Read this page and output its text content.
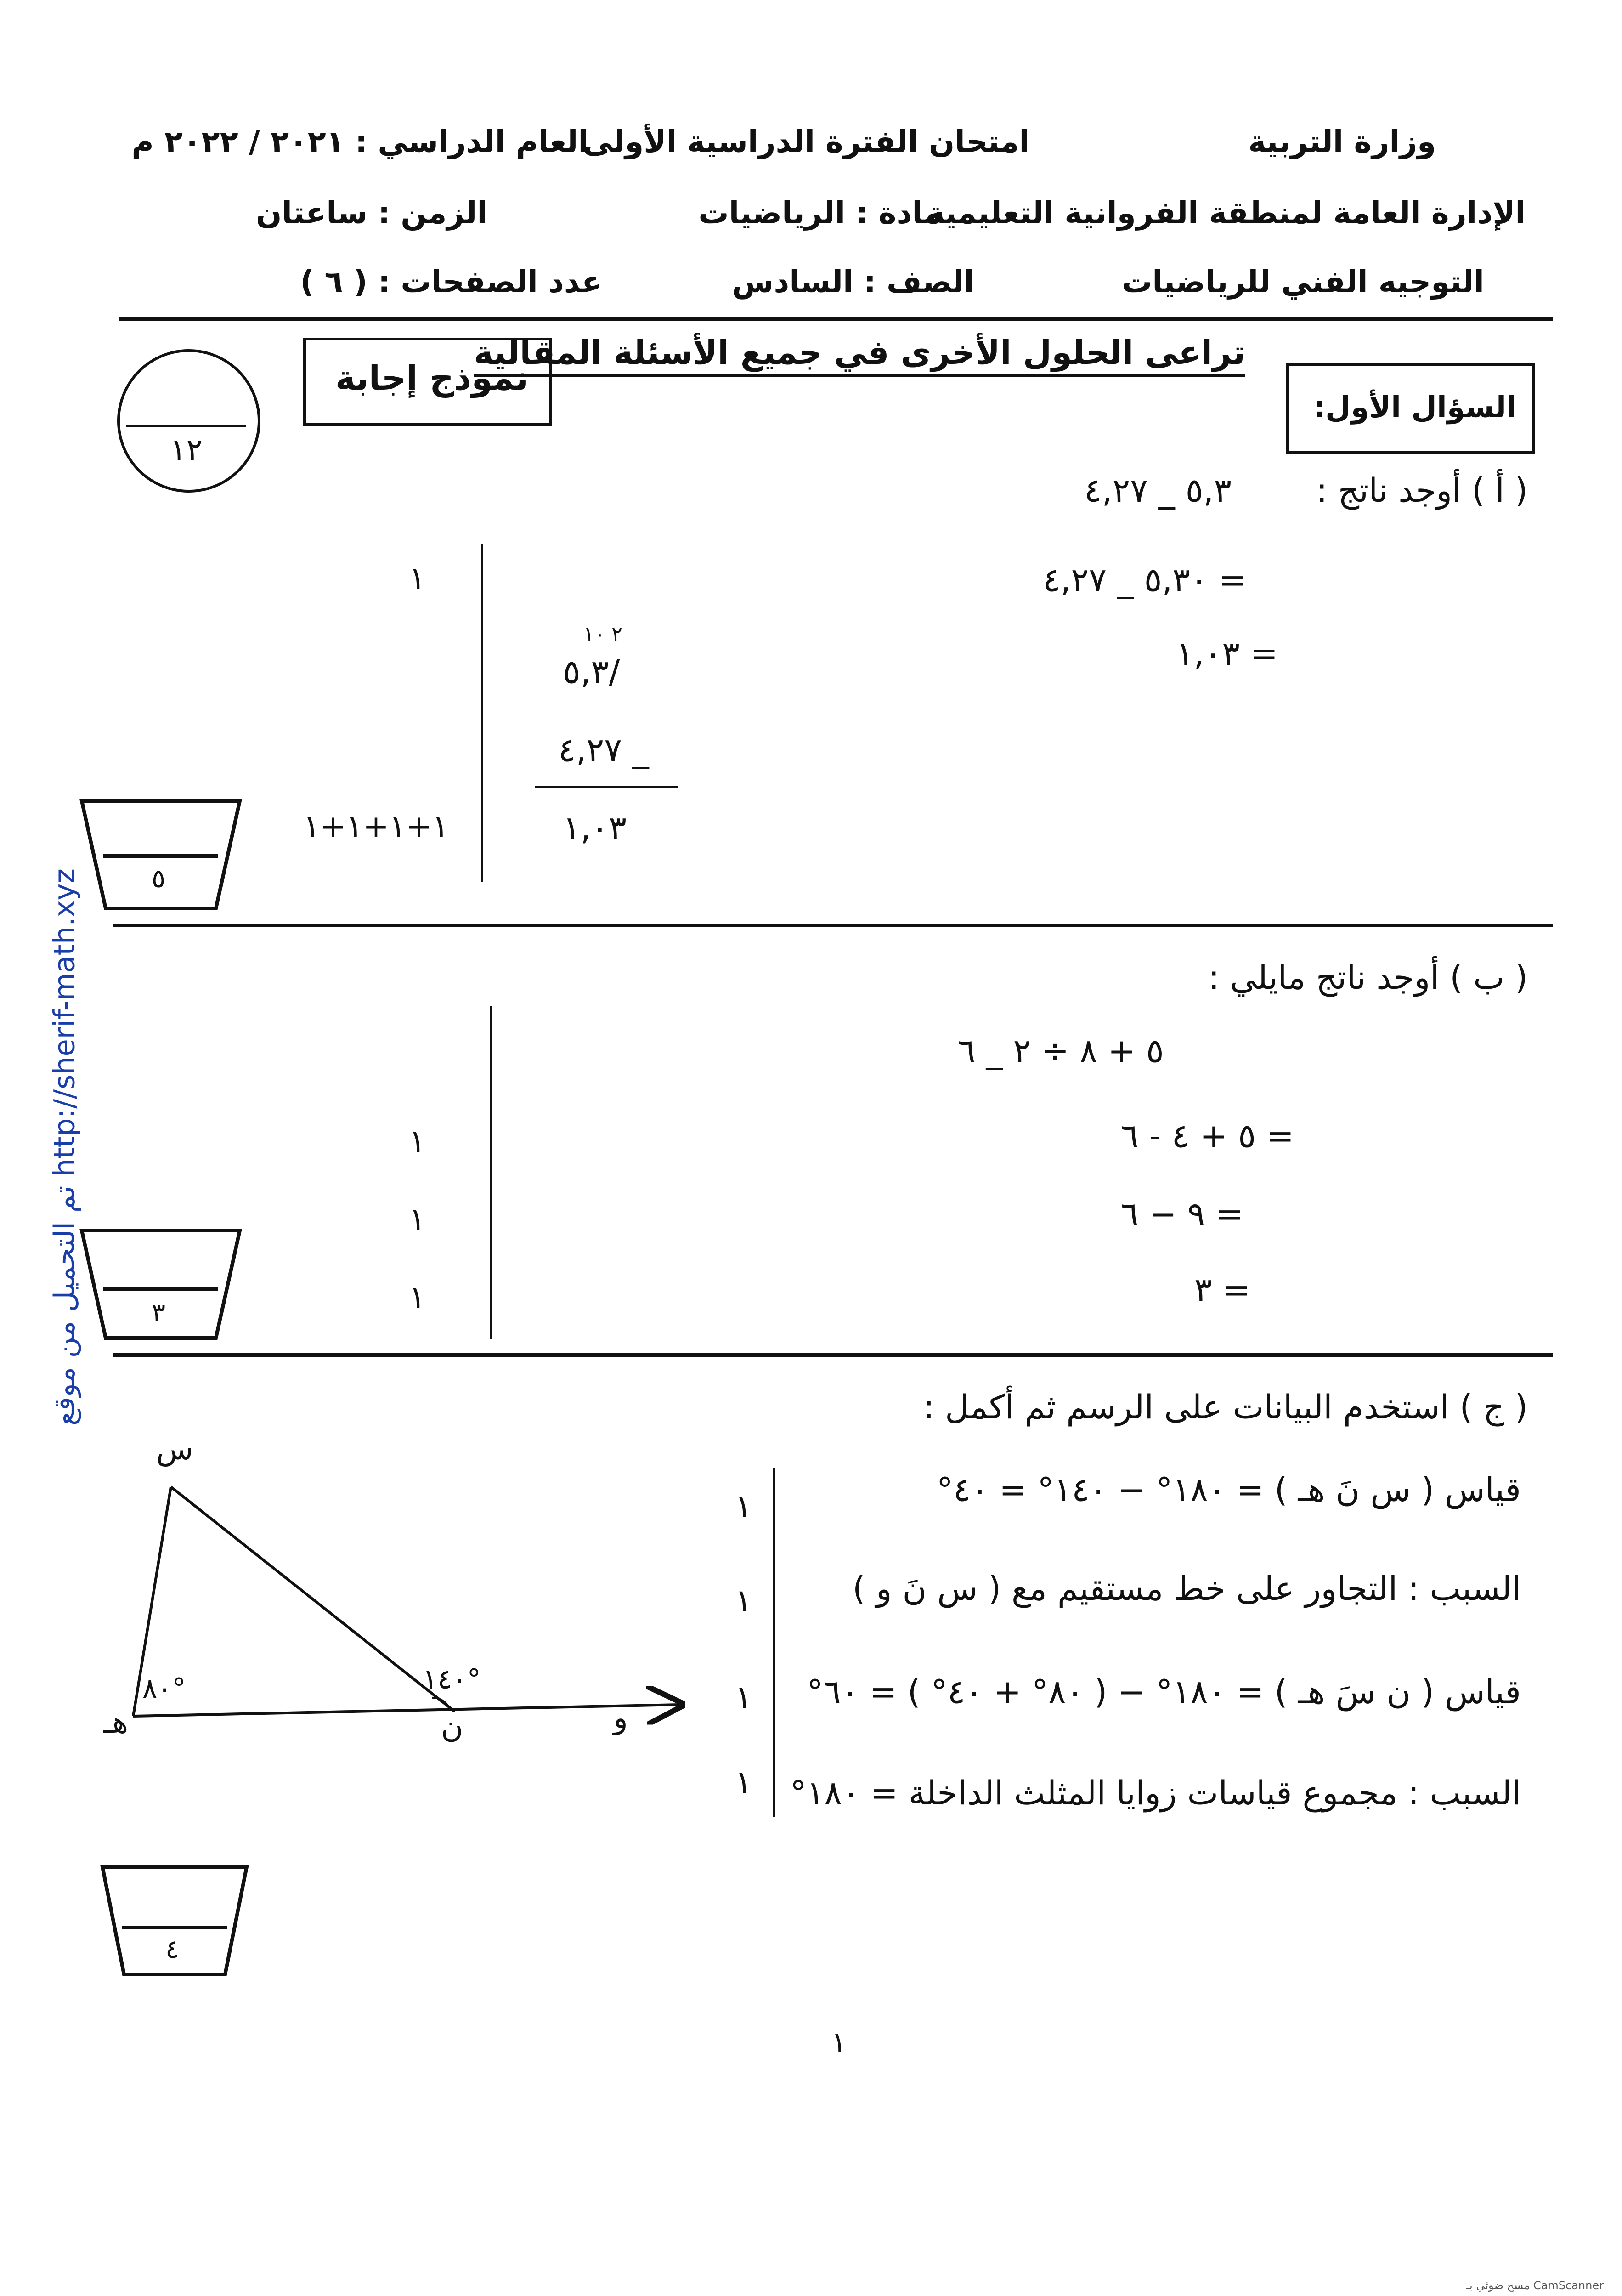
تم التحميل من موقع http://sherif-math.xyz
وزارة التربية
الإدارة العامة لمنطقة الفروانية التعليمية
التوجيه الفني للرياضيات
امتحان الفترة الدراسية الأولى
مادة : الرياضيات
الصف : السادس
العام الدراسي : ٢٠٢١ / ٢٠٢٢ م
الزمن : ساعتان
عدد الصفحات : ( ٦ )
تراعى الحلول الأخرى في جميع الأسئلة المقالية
نموذج إجابة
١٢
السؤال الأول:
( أ ) أوجد ناتج :
٥,٣ _ ٤,٢٧
= ٥,٣٠ _ ٤,٢٧
= ١,٠٣
٢ ١٠
٥,٣/
٤,٢٧ _
١,٠٣
١
١+١+١+١
٥
( ب ) أوجد ناتج مايلي :
٥ + ٨ ÷ ٢ _ ٦
= ٥ + ٤ - ٦
= ٩ − ٦
= ٣
١
١
١
٣
( ج ) استخدم البيانات على الرسم ثم أكمل :
قياس ( س نَ هـ ) = ١٨٠° − ١٤٠° = ٤٠°
السبب : التجاور على خط مستقيم مع ( س نَ و )
قياس ( ن سَ هـ ) = ١٨٠° − ( ٨٠° + ٤٠° ) = ٦٠°
السبب : مجموع قياسات زوايا المثلث الداخلة = ١٨٠°
١
١
١
١
س
هـ	ن	و
٨٠°	١٤٠°
٤
١
CamScanner مسح ضوئي بـ
